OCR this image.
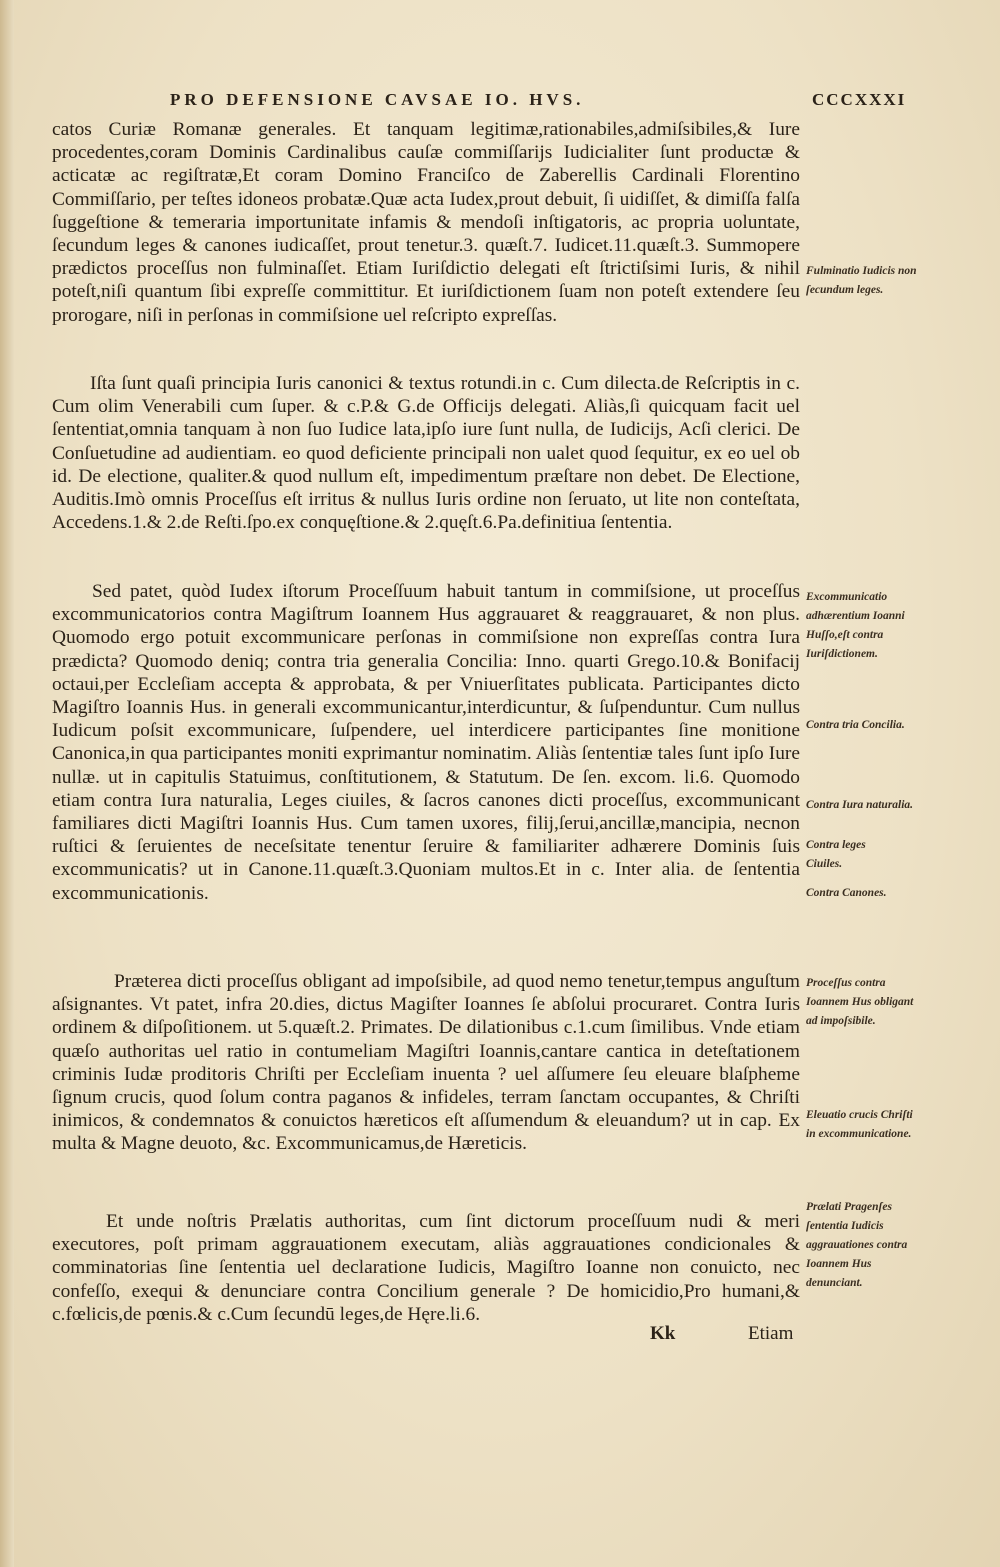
PRO DEFENSIONE CAVSAE IO. HVS.	CCCXXXI

catos Curiæ Romanæ generales. Et tanquam legitimæ,rationabiles,admiſsibiles,& Iure procedentes,coram Dominis Cardinalibus cauſæ commiſſarijs Iudicialiter ſunt productæ & acticatæ ac regiſtratæ,Et coram Domino Franciſco de Zaberellis Cardinali Florentino Commiſſario, per teſtes idoneos probatæ.Quæ acta Iudex,prout debuit, ſi uidiſſet, & dimiſſa falſa ſuggeſtione & temeraria importunitate infamis & mendoſi inſtigatoris, ac propria uoluntate, ſecundum leges & canones iudicaſſet, prout tenetur.3. quæſt.7. Iudicet.11.quæſt.3. Summopere prædictos proceſſus non fulminaſſet. Etiam Iuriſdictio delegati eſt ſtrictiſsimi Iuris, & nihil poteſt,niſi quantum ſibi expreſſe committitur. Et iuriſdictionem ſuam non poteſt extendere ſeu prorogare, niſi in perſonas in commiſsione uel reſcripto expreſſas.

Iſta ſunt quaſi principia Iuris canonici & textus rotundi.in c. Cum dilecta.de Reſcriptis in c. Cum olim Venerabili cum ſuper. & c.P.& G.de Officijs delegati. Aliàs,ſi quicquam facit uel ſententiat,omnia tanquam à non ſuo Iudice lata,ipſo iure ſunt nulla, de Iudicijs, Acſi clerici. De Conſuetudine ad audientiam. eo quod deficiente principali non ualet quod ſequitur, ex eo uel ob id. De electione, qualiter.& quod nullum eſt, impedimentum præſtare non debet. De Electione, Auditis.Imò omnis Proceſſus eſt irritus & nullus Iuris ordine non ſeruato, ut lite non conteſtata, Accedens.1.& 2.de Reſti.ſpo.ex conquęſtione.& 2.quęſt.6.Pa.definitiua ſententia.

Sed patet, quòd Iudex iſtorum Proceſſuum habuit tantum in commiſsione, ut proceſſus excommunicatorios contra Magiſtrum Ioannem Hus aggrauaret & reaggrauaret, & non plus. Quomodo ergo potuit excommunicare perſonas in commiſsione non expreſſas contra Iura prædicta? Quomodo deniq; contra tria generalia Concilia: Inno. quarti Grego.10.& Bonifacij octaui,per Eccleſiam accepta & approbata, & per Vniuerſitates publicata. Participantes dicto Magiſtro Ioannis Hus. in generali excommunicantur,interdicuntur, & ſuſpenduntur. Cum nullus Iudicum poſsit excommunicare, ſuſpendere, uel interdicere participantes ſine monitione Canonica,in qua participantes moniti exprimantur nominatim. Aliàs ſententiæ tales ſunt ipſo Iure nullæ. ut in capitulis Statuimus, conſtitutionem, & Statutum. De ſen. excom. li.6. Quomodo etiam contra Iura naturalia, Leges ciuiles, & ſacros canones dicti proceſſus, excommunicant familiares dicti Magiſtri Ioannis Hus. Cum tamen uxores, filij,ſerui,ancillæ,mancipia, necnon ruſtici & ſeruientes de neceſsitate tenentur ſeruire & familiariter adhærere Dominis ſuis excommunicatis? ut in Canone.11.quæſt.3.Quoniam multos.Et in c. Inter alia. de ſententia excommunicationis.

Præterea dicti proceſſus obligant ad impoſsibile, ad quod nemo tenetur,tempus anguſtum aſsignantes. Vt patet, infra 20.dies, dictus Magiſter Ioannes ſe abſolui procuraret. Contra Iuris ordinem & diſpoſitionem. ut 5.quæſt.2. Primates. De dilationibus c.1.cum ſimilibus. Vnde etiam quæſo authoritas uel ratio in contumeliam Magiſtri Ioannis,cantare cantica in deteſtationem criminis Iudæ proditoris Chriſti per Eccleſiam inuenta ? uel aſſumere ſeu eleuare blaſpheme ſignum crucis, quod ſolum contra paganos & infideles, terram ſanctam occupantes, & Chriſti inimicos, & condemnatos & conuictos hæreticos eſt aſſumendum & eleuandum? ut in cap. Ex multa & Magne deuoto, &c. Excommunicamus,de Hæreticis.

Et unde noſtris Prælatis authoritas, cum ſint dictorum proceſſuum nudi & meri executores, poſt primam aggrauationem executam, aliàs aggrauationes condicionales & comminatorias ſine ſententia uel declaratione Iudicis, Magiſtro Ioanne non conuicto, nec confeſſo, exequi & denunciare contra Concilium generale ? De homicidio,Pro humani,& c.fœlicis,de pœnis.& c.Cum ſecundū leges,de Hęre.li.6.

Fulminatio Iudicis non ſecundum leges.
Excommunicatio adhærentium Ioanni Huſſo,eſt contra Iuriſdictionem.
Contra tria Concilia.
Contra Iura naturalia.
Contra leges Ciuiles.
Contra Canones.
Proceſſus contra Ioannem Hus obligant ad impoſsibile.
Eleuatio crucis Chriſti in excommunicatione.
Prælati Pragenſes ſententia Iudicis aggrauationes contra Ioannem Hus denunciant.
Kk	Etiam
